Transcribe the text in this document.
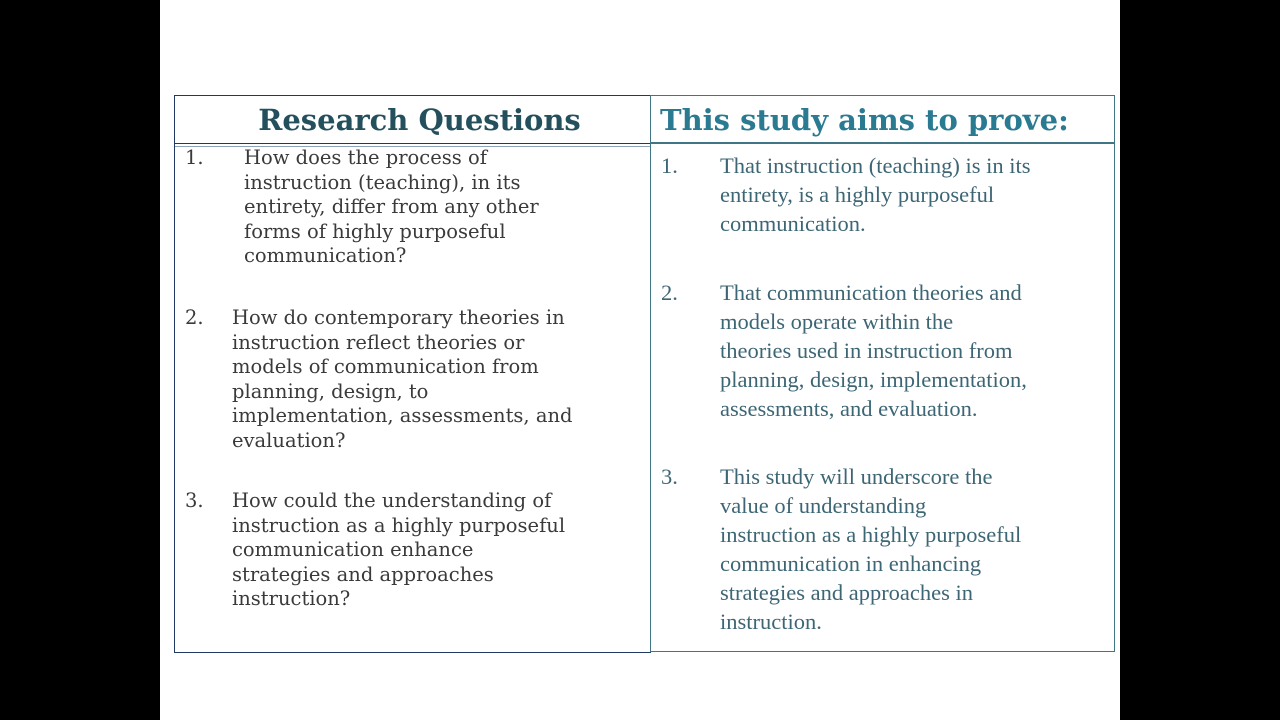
Research Questions
1. How does the process of
instruction (teaching), in its
entirety, differ from any other
forms of highly purposeful
communication?
2. How do contemporary theories in
instruction reflect theories or
models of communication from
planning, design, to
implementation, assessments, and
evaluation?
3. How could the understanding of
instruction as a highly purposeful
communication enhance
strategies and approaches
instruction?
This study aims to prove:
1. That instruction (teaching) is in its
entirety, is a highly purposeful
communication.
2. That communication theories and
models operate within the
theories used in instruction from
planning, design, implementation,
assessments, and evaluation.
3. This study will underscore the
value of understanding
instruction as a highly purposeful
communication in enhancing
strategies and approaches in
instruction.
